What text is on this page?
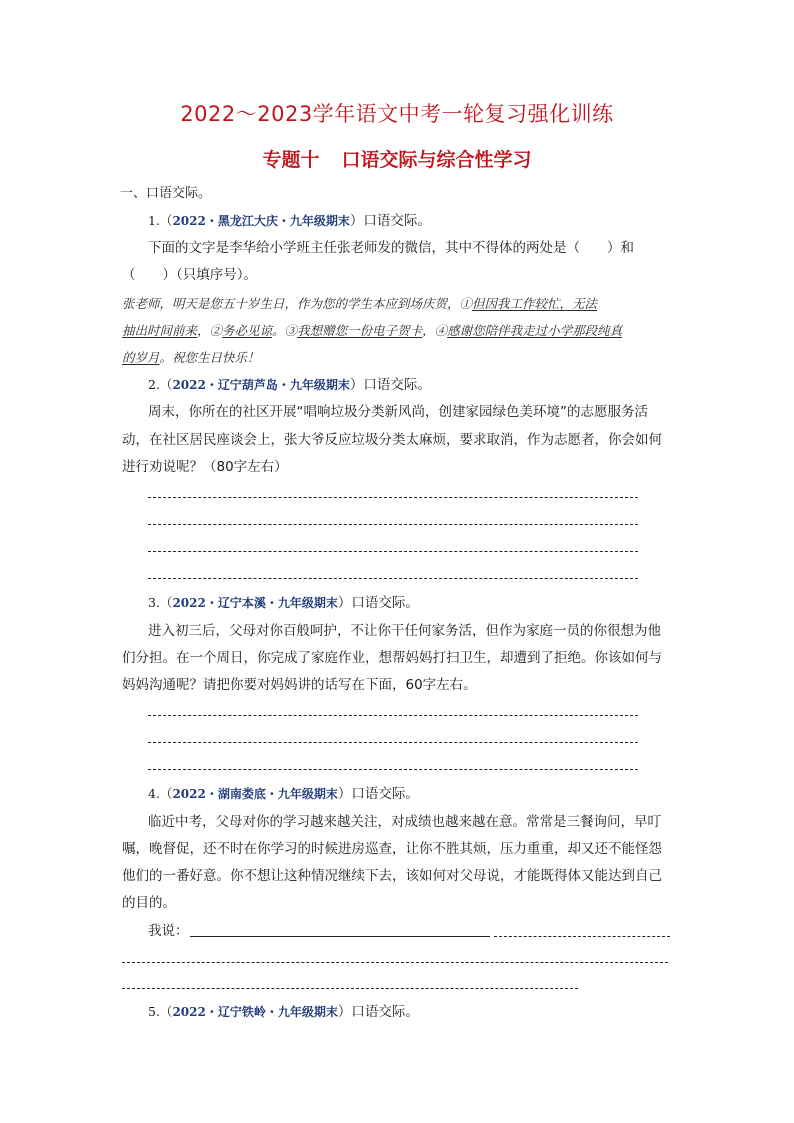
2022～2023学年语文中考一轮复习强化训练
专题十 口语交际与综合性学习
一、口语交际。
1.（2022・黑龙江大庆・九年级期末）口语交际。
下面的文字是李华给小学班主任张老师发的微信，其中不得体的两处是（　　）和
（　　）（只填序号）。
张老师，明天是您五十岁生日，作为您的学生本应到场庆贺，①但因我工作较忙，无法
抽出时间前来，②务必见谅。③我想赠您一份电子贺卡，④感谢您陪伴我走过小学那段纯真
的岁月。祝您生日快乐！
2.（2022・辽宁葫芦岛・九年级期末）口语交际。
周末，你所在的社区开展“唱响垃圾分类新风尚，创建家园绿色美环境”的志愿服务活
动，在社区居民座谈会上，张大爷反应垃圾分类太麻烦，要求取消，作为志愿者，你会如何
进行劝说呢？（80字左右）
3.（2022・辽宁本溪・九年级期末）口语交际。
进入初三后，父母对你百般呵护，不让你干任何家务活，但作为家庭一员的你很想为他
们分担。在一个周日，你完成了家庭作业，想帮妈妈打扫卫生，却遭到了拒绝。你该如何与
妈妈沟通呢？请把你要对妈妈讲的话写在下面，60字左右。
4.（2022・湖南娄底・九年级期末）口语交际。
临近中考，父母对你的学习越来越关注，对成绩也越来越在意。常常是三餐询问，早叮
嘱，晚督促，还不时在你学习的时候进房巡查，让你不胜其烦，压力重重，却又还不能怪怨
他们的一番好意。你不想让这种情况继续下去，该如何对父母说，才能既得体又能达到自己
的目的。
我说：
5.（2022・辽宁铁岭・九年级期末）口语交际。
